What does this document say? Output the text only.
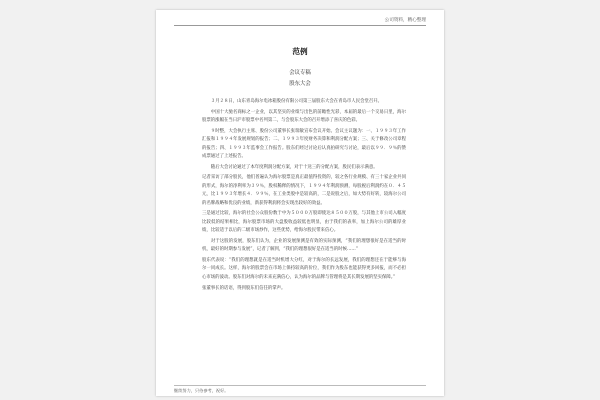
公司资料，精心整理
范例
会议专稿
股东大会

３月２８日，山东青岛海尔电冰箱股份有限公司第三届股东大会在青岛市人民会堂召开。

中国十大驰名商标之一企业，以其坚实的业绩与出色的前瞻性光彩，本届的最后一个交易日里，海尔股票的涨幅在当日沪市股票中名列第二，与会股东大会的召开增添了喜庆的色彩。

９时整，大会执行主席、股份公司董事长张瑞敏宣布会议开始。会议主议题为：一、１９９３年工作汇报和１９９４年发展规划的报告；二、１９９３年度财务决算和利润分配方案；三、关于修改公司章程的报告；四、１９９３年监事会工作报告。股东们经过讨论后认真拍研究与讨论，最后以９９．９％的赞成票通过了上述报告。

随后大会讨论通过了本年度利润分配方案，对于十送三的分配方案，股民们表示满意。

记者采访了部分股民，他们普遍认为海尔股票是真正最值得投资的，较之各行业规模、有三十家企业共同的形式，海尔的净利率为３９％，股权稀释的情况下，１９９４年利润预测，每股税后利润约在０．４５元，比１９９３年增长４．９９％，在工业类股中是较高的，二是说股之后，如大势有好转，较海尔公司的名牌战略和优良的业绩，新获得利润将会实现出较好的效益。

三是通过比较，海尔的社会公众股份数于中为５０００万股即使达８５００万股，与其他上市公司入幅度比较低的结果相比，海尔股票市场的大盘股收益较低也明显，由于我们的表率，加上海尔公司的雄厚业绩，比较适于以后的二级市场炒作，这些优势，给海尔股民带来信心。

对于这股的发展，股东们认为，企业的发展预测是有效的实际预测，“我们的理想很好是在适当的时机，最好的时期参与发展”，记者了解到，“我们的理想很好是在适当的时候……”

股东代表说：“我们的理想就是在适当时机增大分红，对于海尔的长远发展，我们的理想还在于能够与海尔一同成长。这样，海尔的股票会在市场上保持较高的价位，我们作为股东也能获得更多回报，而不必担心市场的波动。股东们对海尔的未来充满信心，认为海尔的品牌与管理将是其长期发展的坚实保障。”

张董事长的话语，得到股东们信任的掌声。

继续努力，只待参考，祝好。
